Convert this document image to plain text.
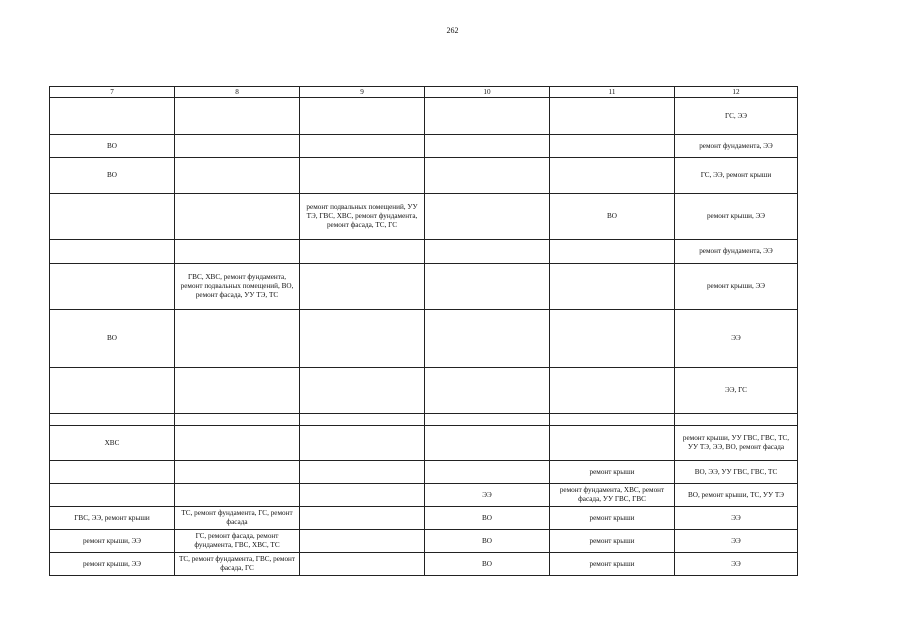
262
7	8	9	10	11	12
					ГС, ЭЭ
ВО					ремонт фундамента, ЭЭ
ВО					ГС, ЭЭ, ремонт крыши
		ремонт подвальных помещений, УУ ТЭ, ГВС, ХВС, ремонт фундамента, ремонт фасада, ТС, ГС		ВО	ремонт крыши, ЭЭ
					ремонт фундамента, ЭЭ
	ГВС, ХВС, ремонт фундамента, ремонт подвальных помещений, ВО, ремонт фасада, УУ ТЭ, ТС				ремонт крыши, ЭЭ
ВО					ЭЭ
					ЭЭ, ГС

ХВС					ремонт крыши, УУ ГВС, ГВС, ТС, УУ ТЭ, ЭЭ, ВО, ремонт фасада
				ремонт крыши	ВО, ЭЭ, УУ ГВС, ГВС, ТС
			ЭЭ	ремонт фундамента, ХВС, ремонт фасада, УУ ГВС, ГВС	ВО, ремонт крыши, ТС, УУ ТЭ
ГВС, ЭЭ, ремонт крыши	ТС, ремонт фундамента, ГС, ремонт фасада		ВО	ремонт крыши	ЭЭ
ремонт крыши, ЭЭ	ГС, ремонт фасада, ремонт фундамента, ГВС, ХВС, ТС		ВО	ремонт крыши	ЭЭ
ремонт крыши, ЭЭ	ТС, ремонт фундамента, ГВС, ремонт фасада, ГС		ВО	ремонт крыши	ЭЭ
